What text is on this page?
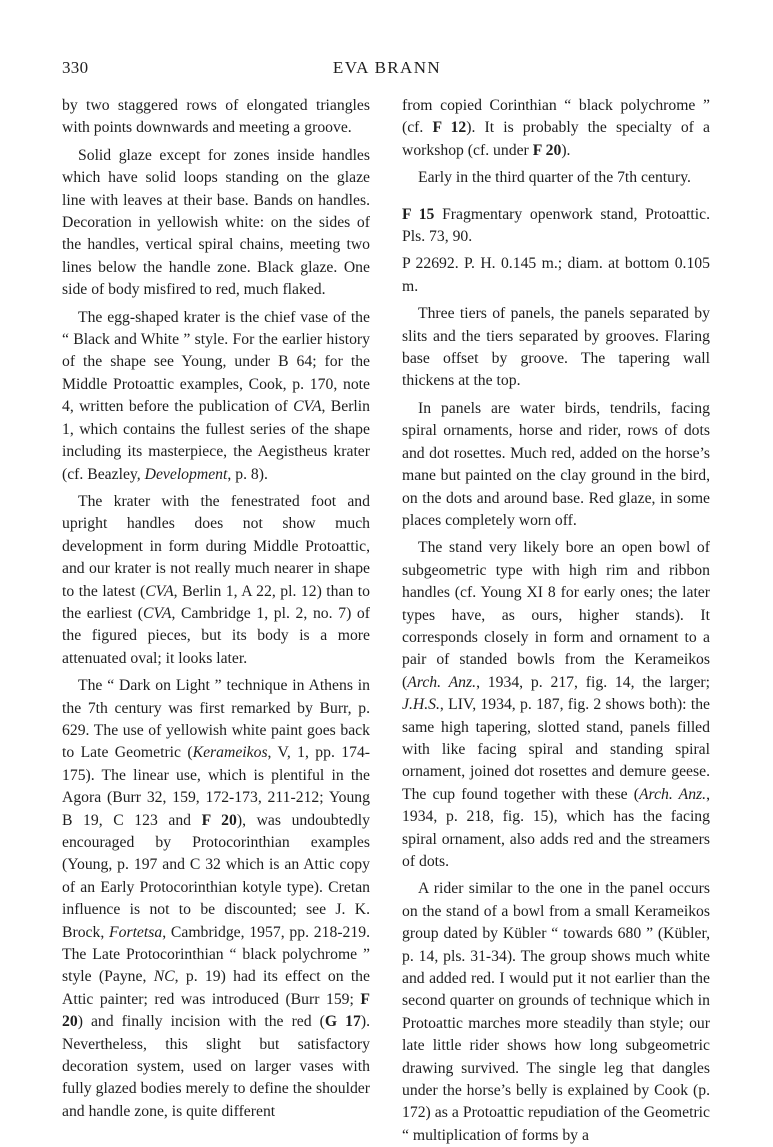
330	EVA BRANN

by two staggered rows of elongated triangles with points downwards and meeting a groove.

Solid glaze except for zones inside handles which have solid loops standing on the glaze line with leaves at their base. Bands on handles. Decoration in yellowish white: on the sides of the handles, vertical spiral chains, meeting two lines below the handle zone. Black glaze. One side of body misfired to red, much flaked.

The egg-shaped krater is the chief vase of the “ Black and White ” style. For the earlier history of the shape see Young, under B 64; for the Middle Protoattic examples, Cook, p. 170, note 4, written before the publication of CVA, Berlin 1, which contains the fullest series of the shape including its masterpiece, the Aegistheus krater (cf. Beazley, Development, p. 8).

The krater with the fenestrated foot and upright handles does not show much development in form during Middle Protoattic, and our krater is not really much nearer in shape to the latest (CVA, Berlin 1, A 22, pl. 12) than to the earliest (CVA, Cambridge 1, pl. 2, no. 7) of the figured pieces, but its body is a more attenuated oval; it looks later.

The “ Dark on Light ” technique in Athens in the 7th century was first remarked by Burr, p. 629. The use of yellowish white paint goes back to Late Geometric (Kerameikos, V, 1, pp. 174-175). The linear use, which is plentiful in the Agora (Burr 32, 159, 172-173, 211-212; Young B 19, C 123 and F 20), was undoubtedly encouraged by Protocorinthian examples (Young, p. 197 and C 32 which is an Attic copy of an Early Protocorinthian kotyle type). Cretan influence is not to be discounted; see J. K. Brock, Fortetsa, Cambridge, 1957, pp. 218-219. The Late Protocorinthian “ black polychrome ” style (Payne, NC, p. 19) had its effect on the Attic painter; red was introduced (Burr 159; F 20) and finally incision with the red (G 17). Nevertheless, this slight but satisfactory decoration system, used on larger vases with fully glazed bodies merely to define the shoulder and handle zone, is quite different

from copied Corinthian “ black polychrome ” (cf. F 12). It is probably the specialty of a workshop (cf. under F 20).

Early in the third quarter of the 7th century.

F 15 Fragmentary openwork stand, Protoattic. Pls. 73, 90.

P 22692. P. H. 0.145 m.; diam. at bottom 0.105 m.

Three tiers of panels, the panels separated by slits and the tiers separated by grooves. Flaring base offset by groove. The tapering wall thickens at the top.

In panels are water birds, tendrils, facing spiral ornaments, horse and rider, rows of dots and dot rosettes. Much red, added on the horse’s mane but painted on the clay ground in the bird, on the dots and around base. Red glaze, in some places completely worn off.

The stand very likely bore an open bowl of subgeometric type with high rim and ribbon handles (cf. Young XI 8 for early ones; the later types have, as ours, higher stands). It corresponds closely in form and ornament to a pair of standed bowls from the Kerameikos (Arch. Anz., 1934, p. 217, fig. 14, the larger; J.H.S., LIV, 1934, p. 187, fig. 2 shows both): the same high tapering, slotted stand, panels filled with like facing spiral and standing spiral ornament, joined dot rosettes and demure geese. The cup found together with these (Arch. Anz., 1934, p. 218, fig. 15), which has the facing spiral ornament, also adds red and the streamers of dots.

A rider similar to the one in the panel occurs on the stand of a bowl from a small Kerameikos group dated by Kübler “ towards 680 ” (Kübler, p. 14, pls. 31-34). The group shows much white and added red. I would put it not earlier than the second quarter on grounds of technique which in Protoattic marches more steadily than style; our late little rider shows how long subgeometric drawing survived. The single leg that dangles under the horse’s belly is explained by Cook (p. 172) as a Protoattic repudiation of the Geometric “ multiplication of forms by a
